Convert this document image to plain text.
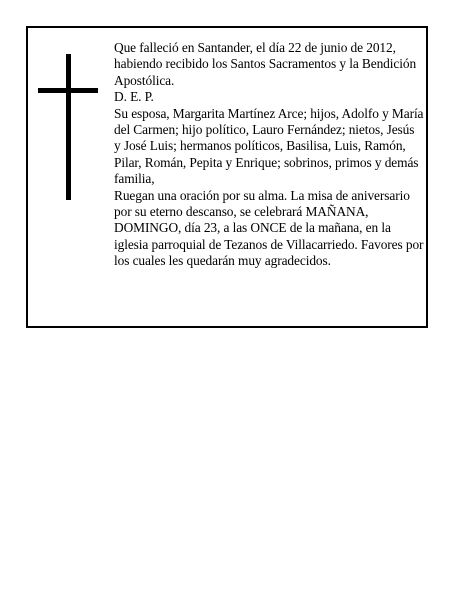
Que falleció en Santander, el día 22 de junio de 2012, habiendo recibido los Santos Sacramentos y la Bendición Apostólica.

D. E. P.

Su esposa, Margarita Martínez Arce; hijos, Adolfo y María del Carmen; hijo político, Lauro Fernández; nietos, Jesús y José Luis; hermanos políticos, Basilisa, Luis, Ramón, Pilar, Román, Pepita y Enrique; sobrinos, primos y demás familia,

Ruegan una oración por su alma. La misa de aniversario por su eterno descanso, se celebrará MAÑANA, DOMINGO, día 23, a las ONCE de la mañana, en la iglesia parroquial de Tezanos de Villacarriedo. Favores por los cuales les quedarán muy agradecidos.
